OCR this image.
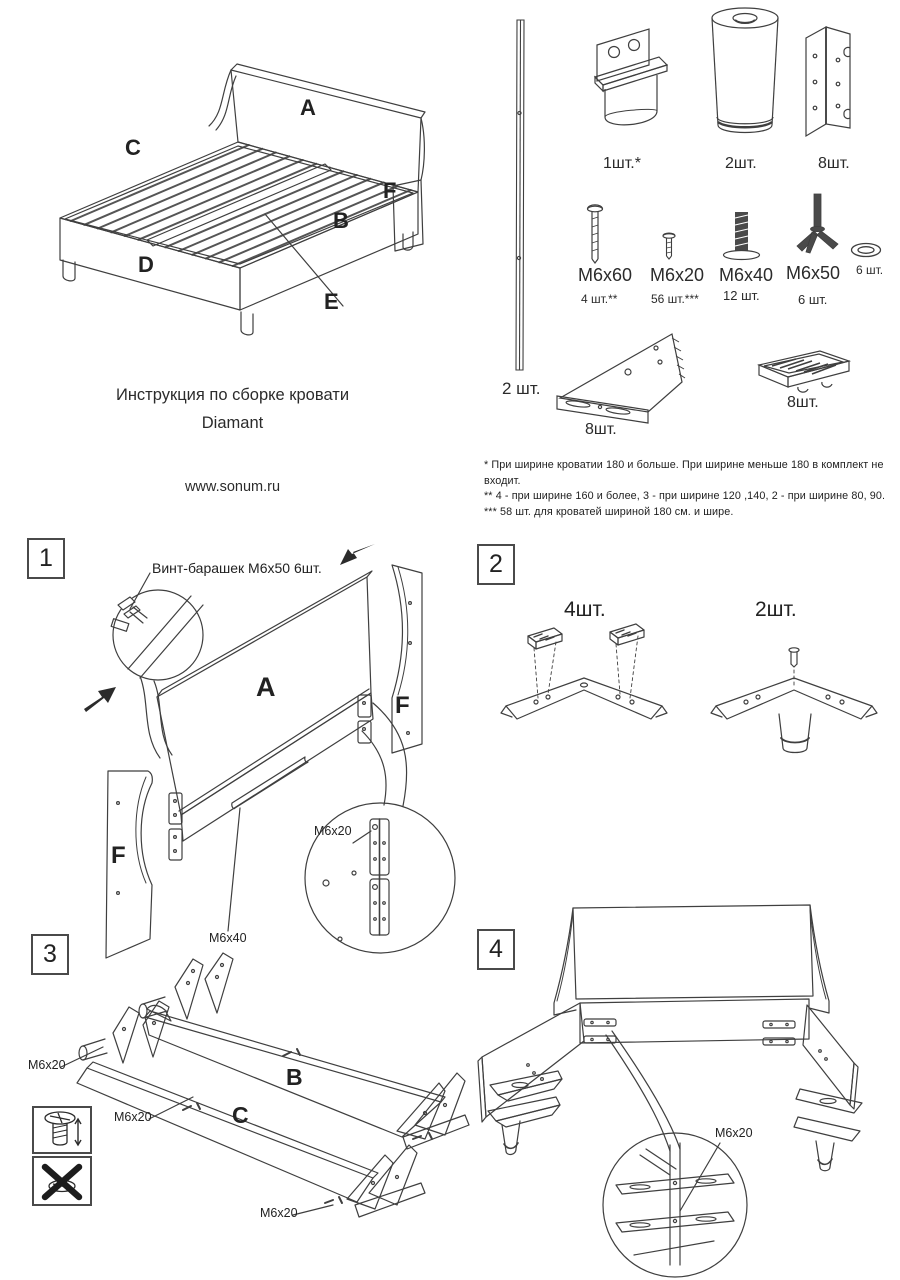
A
C
B
D
E
F
Инструкция по сборке кровати
Diamant
www.sonum.ru
1шт.*	2шт.	8шт.
M6x60 M6x20 M6x40 M6x50
4 шт.**	56 шт.*** 12 шт.	6 шт.
6 шт.
2 шт.
8шт.
8шт.
* При ширине кроватии 180 и больше. При ширине меньше 180 в комплект не входит.
** 4 - при ширине 160 и более, 3 - при ширине 120 ,140, 2 - при ширине 80, 90.
*** 58 шт. для кроватей шириной 180 см. и шире.
1	Винт-барашек М6х50 6шт.
A
F
F
M6x20
M6x40
2
4шт.	2шт.
3
B
C
M6x20
M6x20
M6x20
4
M6x20
